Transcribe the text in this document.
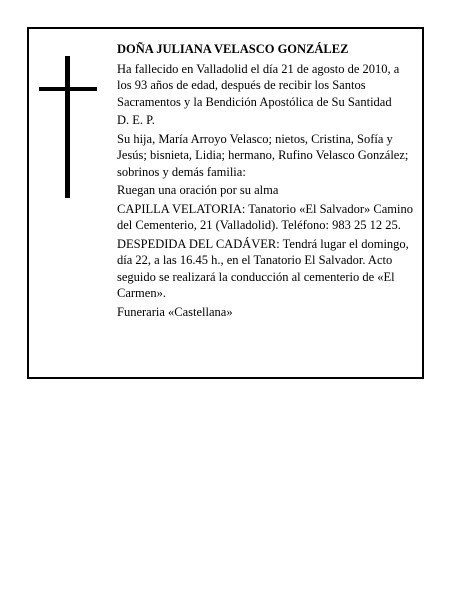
DOÑA JULIANA VELASCO GONZÁLEZ

Ha fallecido en Valladolid el día 21 de agosto de 2010, a los 93 años de edad, después de recibir los Santos Sacramentos y la Bendición Apostólica de Su Santidad

D. E. P.

Su hija, María Arroyo Velasco; nietos, Cristina, Sofía y Jesús; bisnieta, Lidia; hermano, Rufino Velasco González; sobrinos y demás familia:

Ruegan una oración por su alma

CAPILLA VELATORIA: Tanatorio «El Salvador» Camino del Cementerio, 21 (Valladolid). Teléfono: 983 25 12 25.

DESPEDIDA DEL CADÁVER: Tendrá lugar el domingo, día 22, a las 16.45 h., en el Tanatorio El Salvador. Acto seguido se realizará la conducción al cementerio de «El Carmen».

Funeraria «Castellana»
